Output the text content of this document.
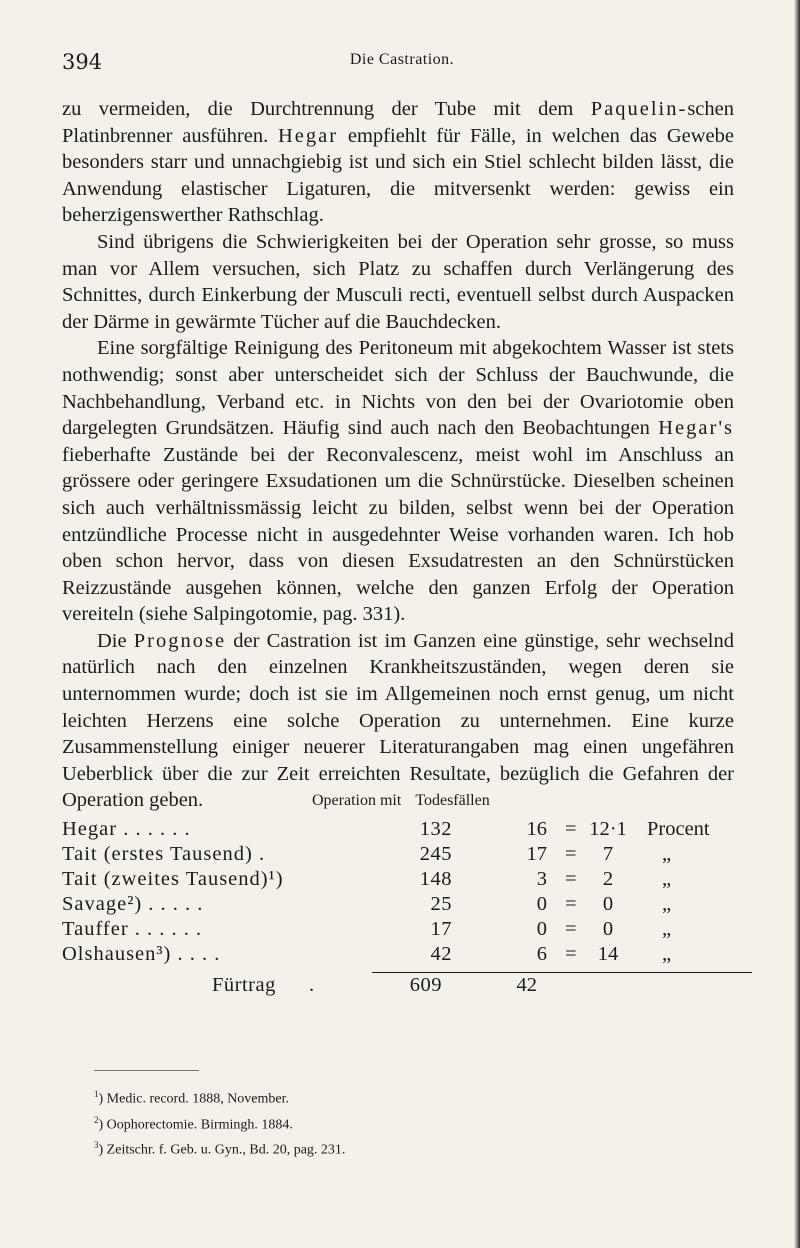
394	Die Castration.

zu vermeiden, die Durchtrennung der Tube mit dem Paquelin-schen Platinbrenner ausführen. Hegar empfiehlt für Fälle, in welchen das Gewebe besonders starr und unnachgiebig ist und sich ein Stiel schlecht bilden lässt, die Anwendung elastischer Ligaturen, die mitversenkt werden: gewiss ein beherzigenswerther Rathschlag.

Sind übrigens die Schwierigkeiten bei der Operation sehr grosse, so muss man vor Allem versuchen, sich Platz zu schaffen durch Verlängerung des Schnittes, durch Einkerbung der Musculi recti, eventuell selbst durch Auspacken der Därme in gewärmte Tücher auf die Bauchdecken.

Eine sorgfältige Reinigung des Peritoneum mit abgekochtem Wasser ist stets nothwendig; sonst aber unterscheidet sich der Schluss der Bauchwunde, die Nachbehandlung, Verband etc. in Nichts von den bei der Ovariotomie oben dargelegten Grundsätzen. Häufig sind auch nach den Beobachtungen Hegar's fieberhafte Zustände bei der Reconvalescenz, meist wohl im Anschluss an grössere oder geringere Exsudationen um die Schnürstücke. Dieselben scheinen sich auch verhältnissmässig leicht zu bilden, selbst wenn bei der Operation entzündliche Processe nicht in ausgedehnter Weise vorhanden waren. Ich hob oben schon hervor, dass von diesen Exsudatresten an den Schnürstücken Reizzustände ausgehen können, welche den ganzen Erfolg der Operation vereiteln (siehe Salpingotomie, pag. 331).

Die Prognose der Castration ist im Ganzen eine günstige, sehr wechselnd natürlich nach den einzelnen Krankheitszuständen, wegen deren sie unternommen wurde; doch ist sie im Allgemeinen noch ernst genug, um nicht leichten Herzens eine solche Operation zu unternehmen. Eine kurze Zusammenstellung einiger neuerer Literaturangaben mag einen ungefähren Ueberblick über die zur Zeit erreichten Resultate, bezüglich die Gefahren der Operation geben.	Operation mit Todesfällen
Hegar . . . . . .	132	16 = 12·1 Procent
Tait (erstes Tausend) .	245	17 =	7	„
Tait (zweites Tausend)¹)	148	3 =	2	„
Savage²) . . . . .	25	0 =	0	„
Tauffer . . . . . .	17	0 =	0	„
Olshausen³) . . . .	42	6 =	14	„
Fürtrag .	609	42
$^1$) Medic. record. 1888, November.
$^2$) Oophorectomie. Birmingh. 1884.
$^3$) Zeitschr. f. Geb. u. Gyn., Bd. 20, pag. 231.
